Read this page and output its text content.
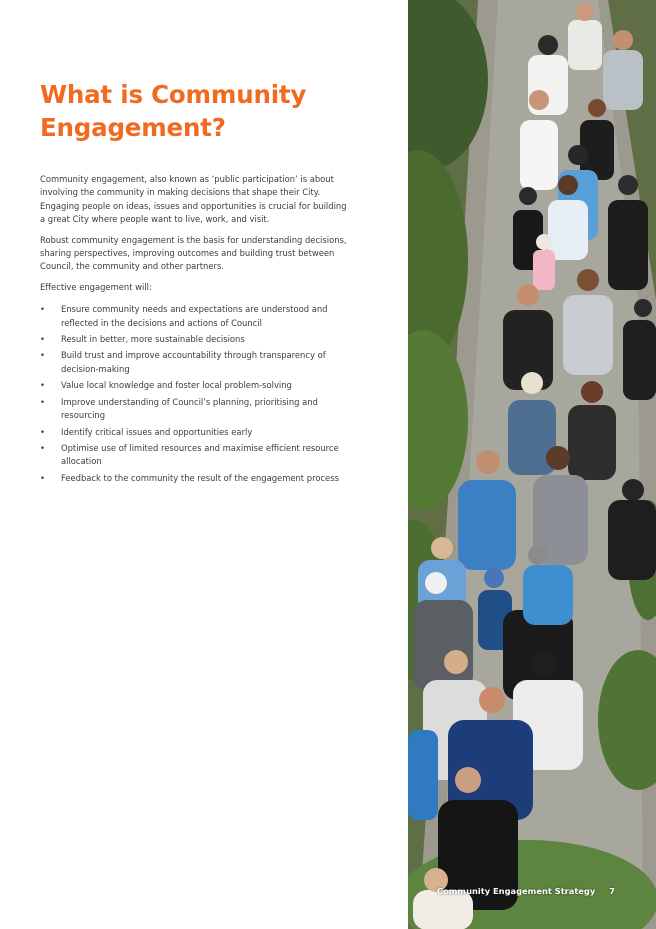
What is Community Engagement?

Community engagement, also known as ‘public participation’ is about involving the community in making decisions that shape their City. Engaging people on ideas, issues and opportunities is crucial for building a great City where people want to live, work, and visit.

Robust community engagement is the basis for understanding decisions, sharing perspectives, improving outcomes and building trust between Council, the community and other partners.

Effective engagement will:

• Ensure community needs and expectations are understood and reflected in the decisions and actions of Council
• Result in better, more sustainable decisions
• Build trust and improve accountability through transparency of decision-making
• Value local knowledge and foster local problem-solving
• Improve understanding of Council’s planning, prioritising and resourcing
• Identify critical issues and opportunities early
• Optimise use of limited resources and maximise efficient resource allocation
• Feedback to the community the result of the engagement process
Community Engagement Strategy 7
